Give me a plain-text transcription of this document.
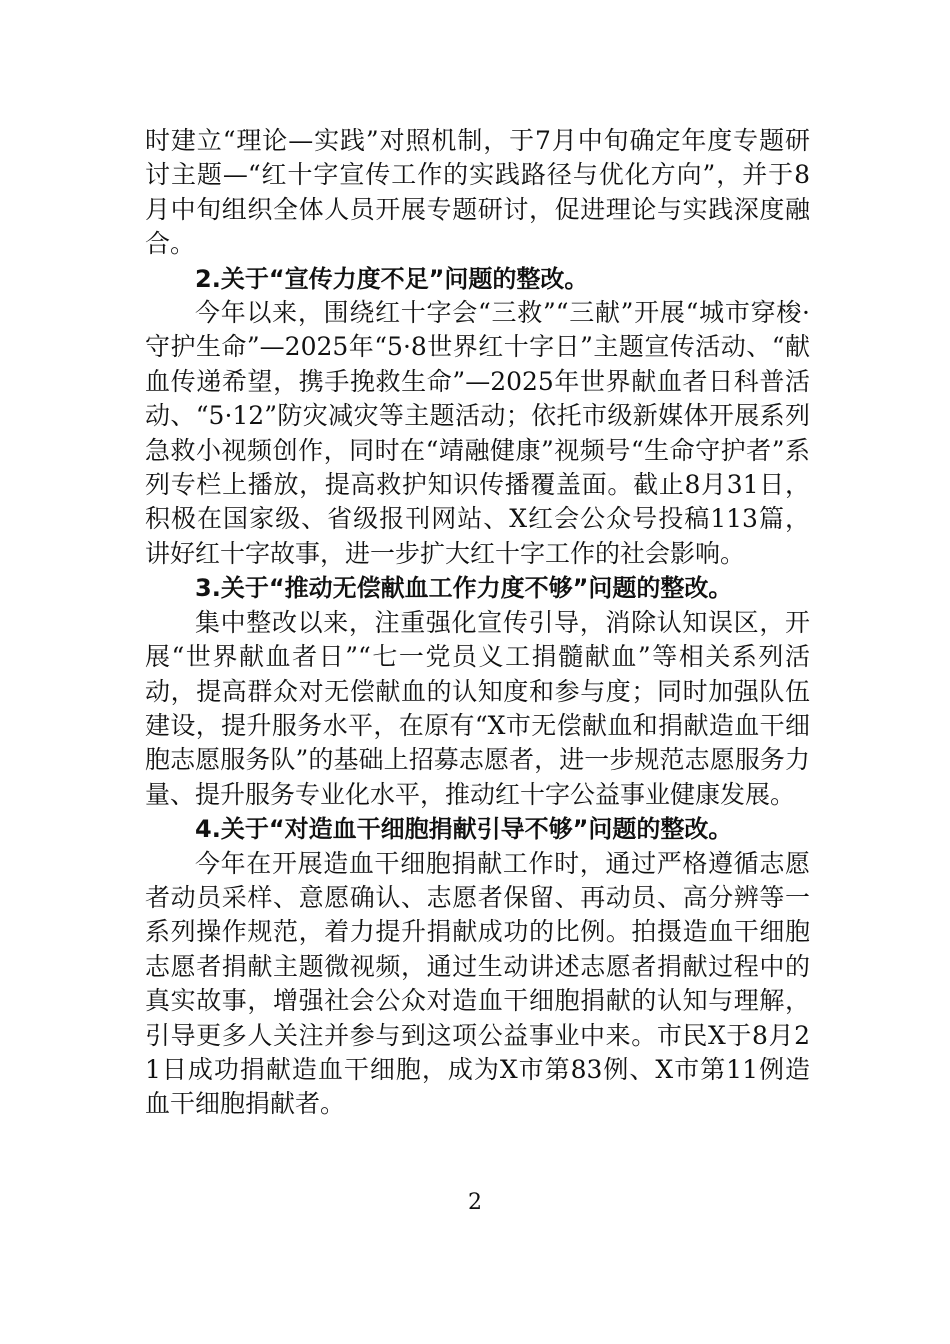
时建立“理论—实践”对照机制，于7月中旬确定年度专题研讨主题—“红十字宣传工作的实践路径与优化方向”，并于8月中旬组织全体人员开展专题研讨，促进理论与实践深度融合。

2.关于“宣传力度不足”问题的整改。

今年以来，围绕红十字会“三救”“三献”开展“城市穿梭·守护生命”—2025年“5·8世界红十字日”主题宣传活动、“献血传递希望，携手挽救生命”—2025年世界献血者日科普活动、“5·12”防灾减灾等主题活动；依托市级新媒体开展系列急救小视频创作，同时在“靖融健康”视频号“生命守护者”系列专栏上播放，提高救护知识传播覆盖面。截止8月31日，积极在国家级、省级报刊网站、X红会公众号投稿113篇，讲好红十字故事，进一步扩大红十字工作的社会影响。

3.关于“推动无偿献血工作力度不够”问题的整改。

集中整改以来，注重强化宣传引导，消除认知误区，开展“世界献血者日”“七一党员义工捐髓献血”等相关系列活动，提高群众对无偿献血的认知度和参与度；同时加强队伍建设，提升服务水平，在原有“X市无偿献血和捐献造血干细胞志愿服务队”的基础上招募志愿者，进一步规范志愿服务力量、提升服务专业化水平，推动红十字公益事业健康发展。

4.关于“对造血干细胞捐献引导不够”问题的整改。

今年在开展造血干细胞捐献工作时，通过严格遵循志愿者动员采样、意愿确认、志愿者保留、再动员、高分辨等一系列操作规范，着力提升捐献成功的比例。拍摄造血干细胞志愿者捐献主题微视频，通过生动讲述志愿者捐献过程中的真实故事，增强社会公众对造血干细胞捐献的认知与理解，引导更多人关注并参与到这项公益事业中来。市民X于8月21日成功捐献造血干细胞，成为X市第83例、X市第11例造血干细胞捐献者。

2
